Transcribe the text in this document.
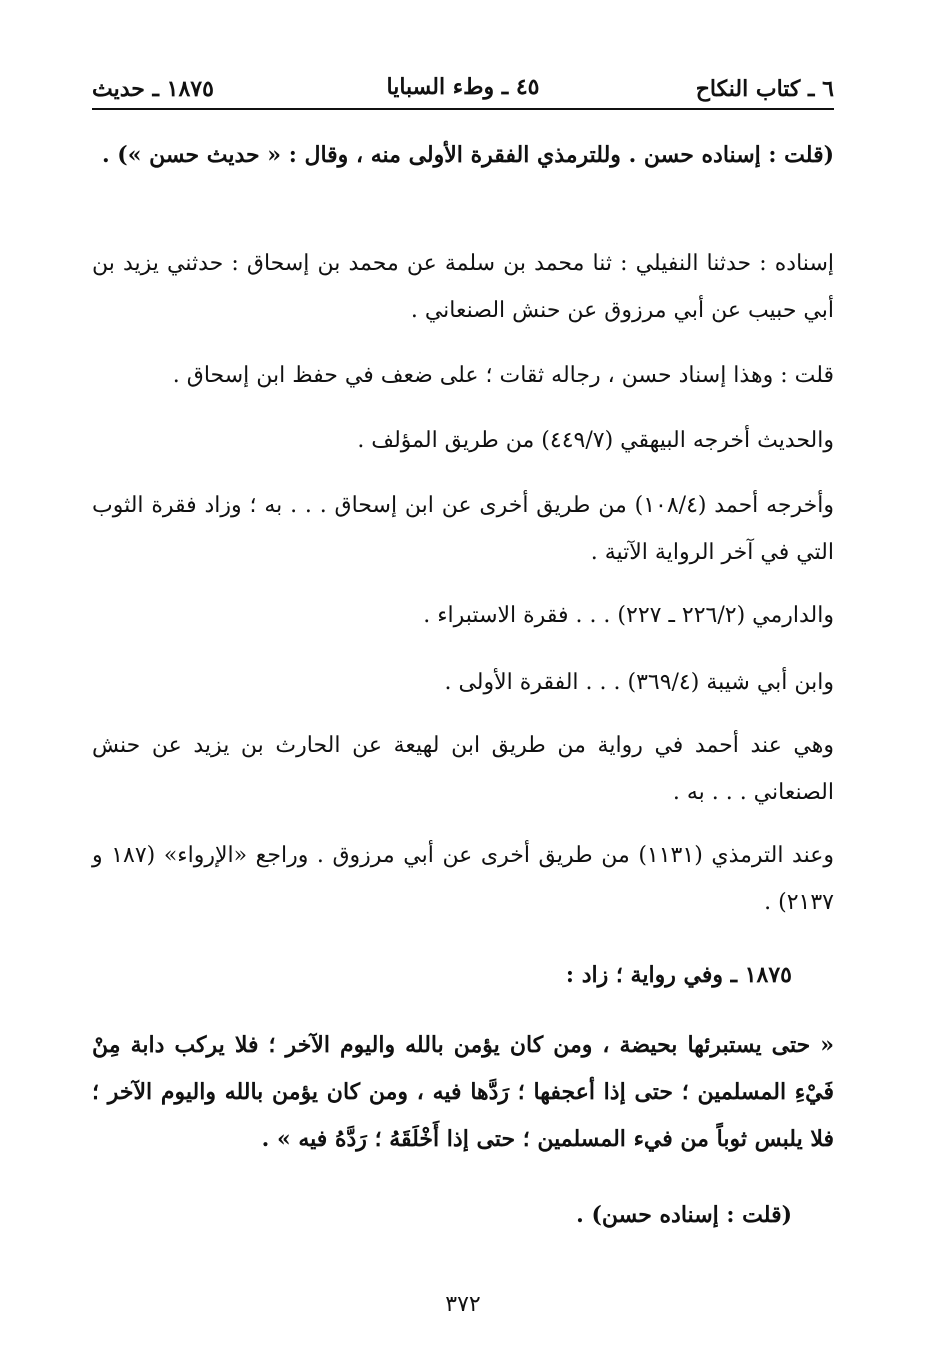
٦ ـ كتاب النكاح
٤٥ ـ وطء السبايا
١٨٧٥ ـ حديث
(قلت : إسناده حسن . وللترمذي الفقرة الأولى منه ، وقال : « حديث حسن ») .
إسناده : حدثنا النفيلي : ثنا محمد بن سلمة عن محمد بن إسحاق : حدثني يزيد بن أبي حبيب عن أبي مرزوق عن حنش الصنعاني .
قلت : وهذا إسناد حسن ، رجاله ثقات ؛ على ضعف في حفظ ابن إسحاق .
والحديث أخرجه البيهقي (٤٤٩/٧) من طريق المؤلف .
وأخرجه أحمد (١٠٨/٤) من طريق أخرى عن ابن إسحاق . . . به ؛ وزاد فقرة الثوب التي في آخر الرواية الآتية .
والدارمي (٢٢٦/٢ ـ ٢٢٧) . . . فقرة الاستبراء .
وابن أبي شيبة (٣٦٩/٤) . . . الفقرة الأولى .
وهي عند أحمد في رواية من طريق ابن لهيعة عن الحارث بن يزيد عن حنش الصنعاني . . . به .
وعند الترمذي (١١٣١) من طريق أخرى عن أبي مرزوق . وراجع «الإرواء» (١٨٧ و ٢١٣٧) .
١٨٧٥ ـ وفي رواية ؛ زاد :
« حتى يستبرئها بحيضة ، ومن كان يؤمن بالله واليوم الآخر ؛ فلا يركب دابة مِنْ فَيْءِ المسلمين ؛ حتى إذا أعجفها ؛ رَدَّها فيه ، ومن كان يؤمن بالله واليوم الآخر ؛ فلا يلبس ثوباً من فيء المسلمين ؛ حتى إذا أَخْلَقَهُ ؛ رَدَّهُ فيه » .
(قلت : إسناده حسن) .
٣٧٢
